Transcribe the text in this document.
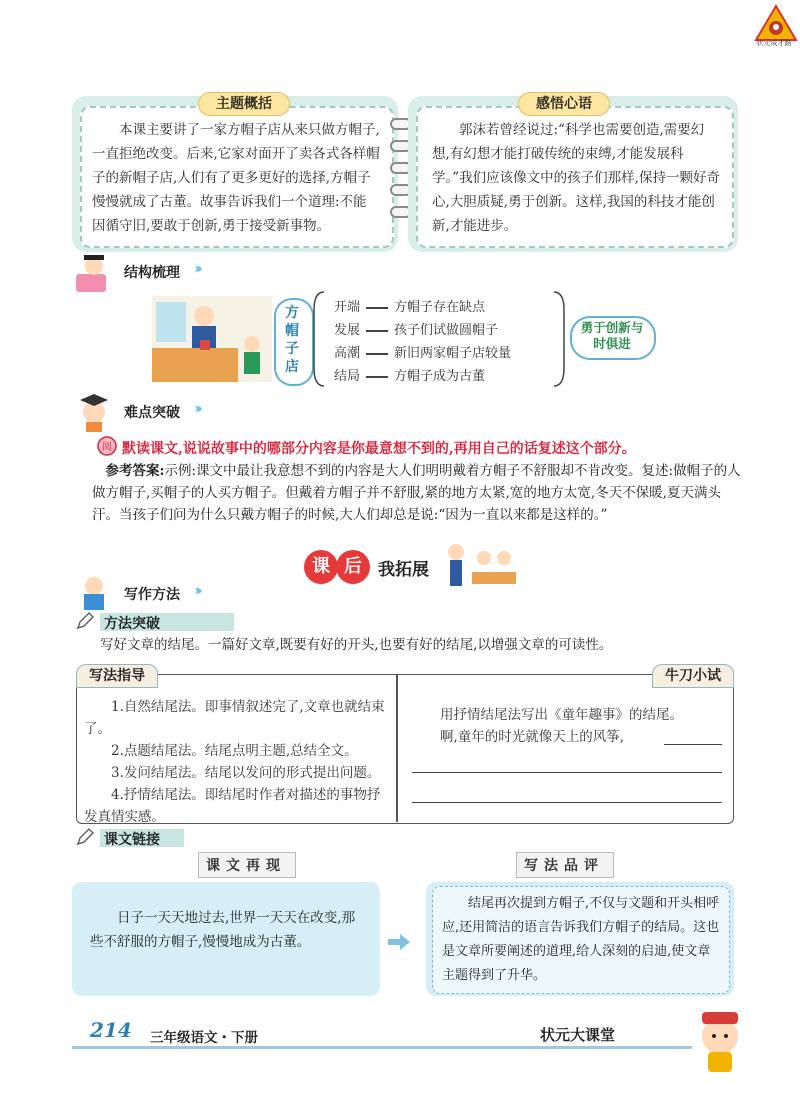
状元成才路
主题概括
本课主要讲了一家方帽子店从来只做方帽子,一直拒绝改变。后来,它家对面开了卖各式各样帽子的新帽子店,人们有了更多更好的选择,方帽子慢慢就成了古董。故事告诉我们一个道理:不能因循守旧,要敢于创新,勇于接受新事物。
感悟心语
郭沫若曾经说过:“科学也需要创造,需要幻想,有幻想才能打破传统的束缚,才能发展科学。”我们应该像文中的孩子们那样,保持一颗好奇心,大胆质疑,勇于创新。这样,我国的科技才能创新,才能进步。
结构梳理 ›››
方帽子店
开端	方帽子存在缺点
发展	孩子们试做圆帽子
高潮	新旧两家帽子店较量
结局	方帽子成为古董
勇于创新与时俱进
难点突破 ›››
阅 默读课文,说说故事中的哪部分内容是你最意想不到的,再用自己的话复述这个部分。
参考答案:示例:课文中最让我意想不到的内容是大人们明明戴着方帽子不舒服却不肯改变。复述:做帽子的人做方帽子,买帽子的人买方帽子。但戴着方帽子并不舒服,紧的地方太紧,宽的地方太宽,冬天不保暖,夏天满头汗。当孩子们问为什么只戴方帽子的时候,大人们却总是说:“因为一直以来都是这样的。”
课 后 我拓展
写作方法 ›››
方法突破
写好文章的结尾。一篇好文章,既要有好的开头,也要有好的结尾,以增强文章的可读性。
写法指导	牛刀小试
1.自然结尾法。即事情叙述完了,文章也就结束了。
2.点题结尾法。结尾点明主题,总结全文。
3.发问结尾法。结尾以发问的形式提出问题。
4.抒情结尾法。即结尾时作者对描述的事物抒发真情实感。
用抒情结尾法写出《童年趣事》的结尾。
啊,童年的时光就像天上的风筝,
课文链接
课文再现	写法品评
日子一天天地过去,世界一天天在改变,那些不舒服的方帽子,慢慢地成为古董。
结尾再次提到方帽子,不仅与文题和开头相呼应,还用简洁的语言告诉我们方帽子的结局。这也是文章所要阐述的道理,给人深刻的启迪,使文章主题得到了升华。
214 三年级语文・下册	状元大课堂
